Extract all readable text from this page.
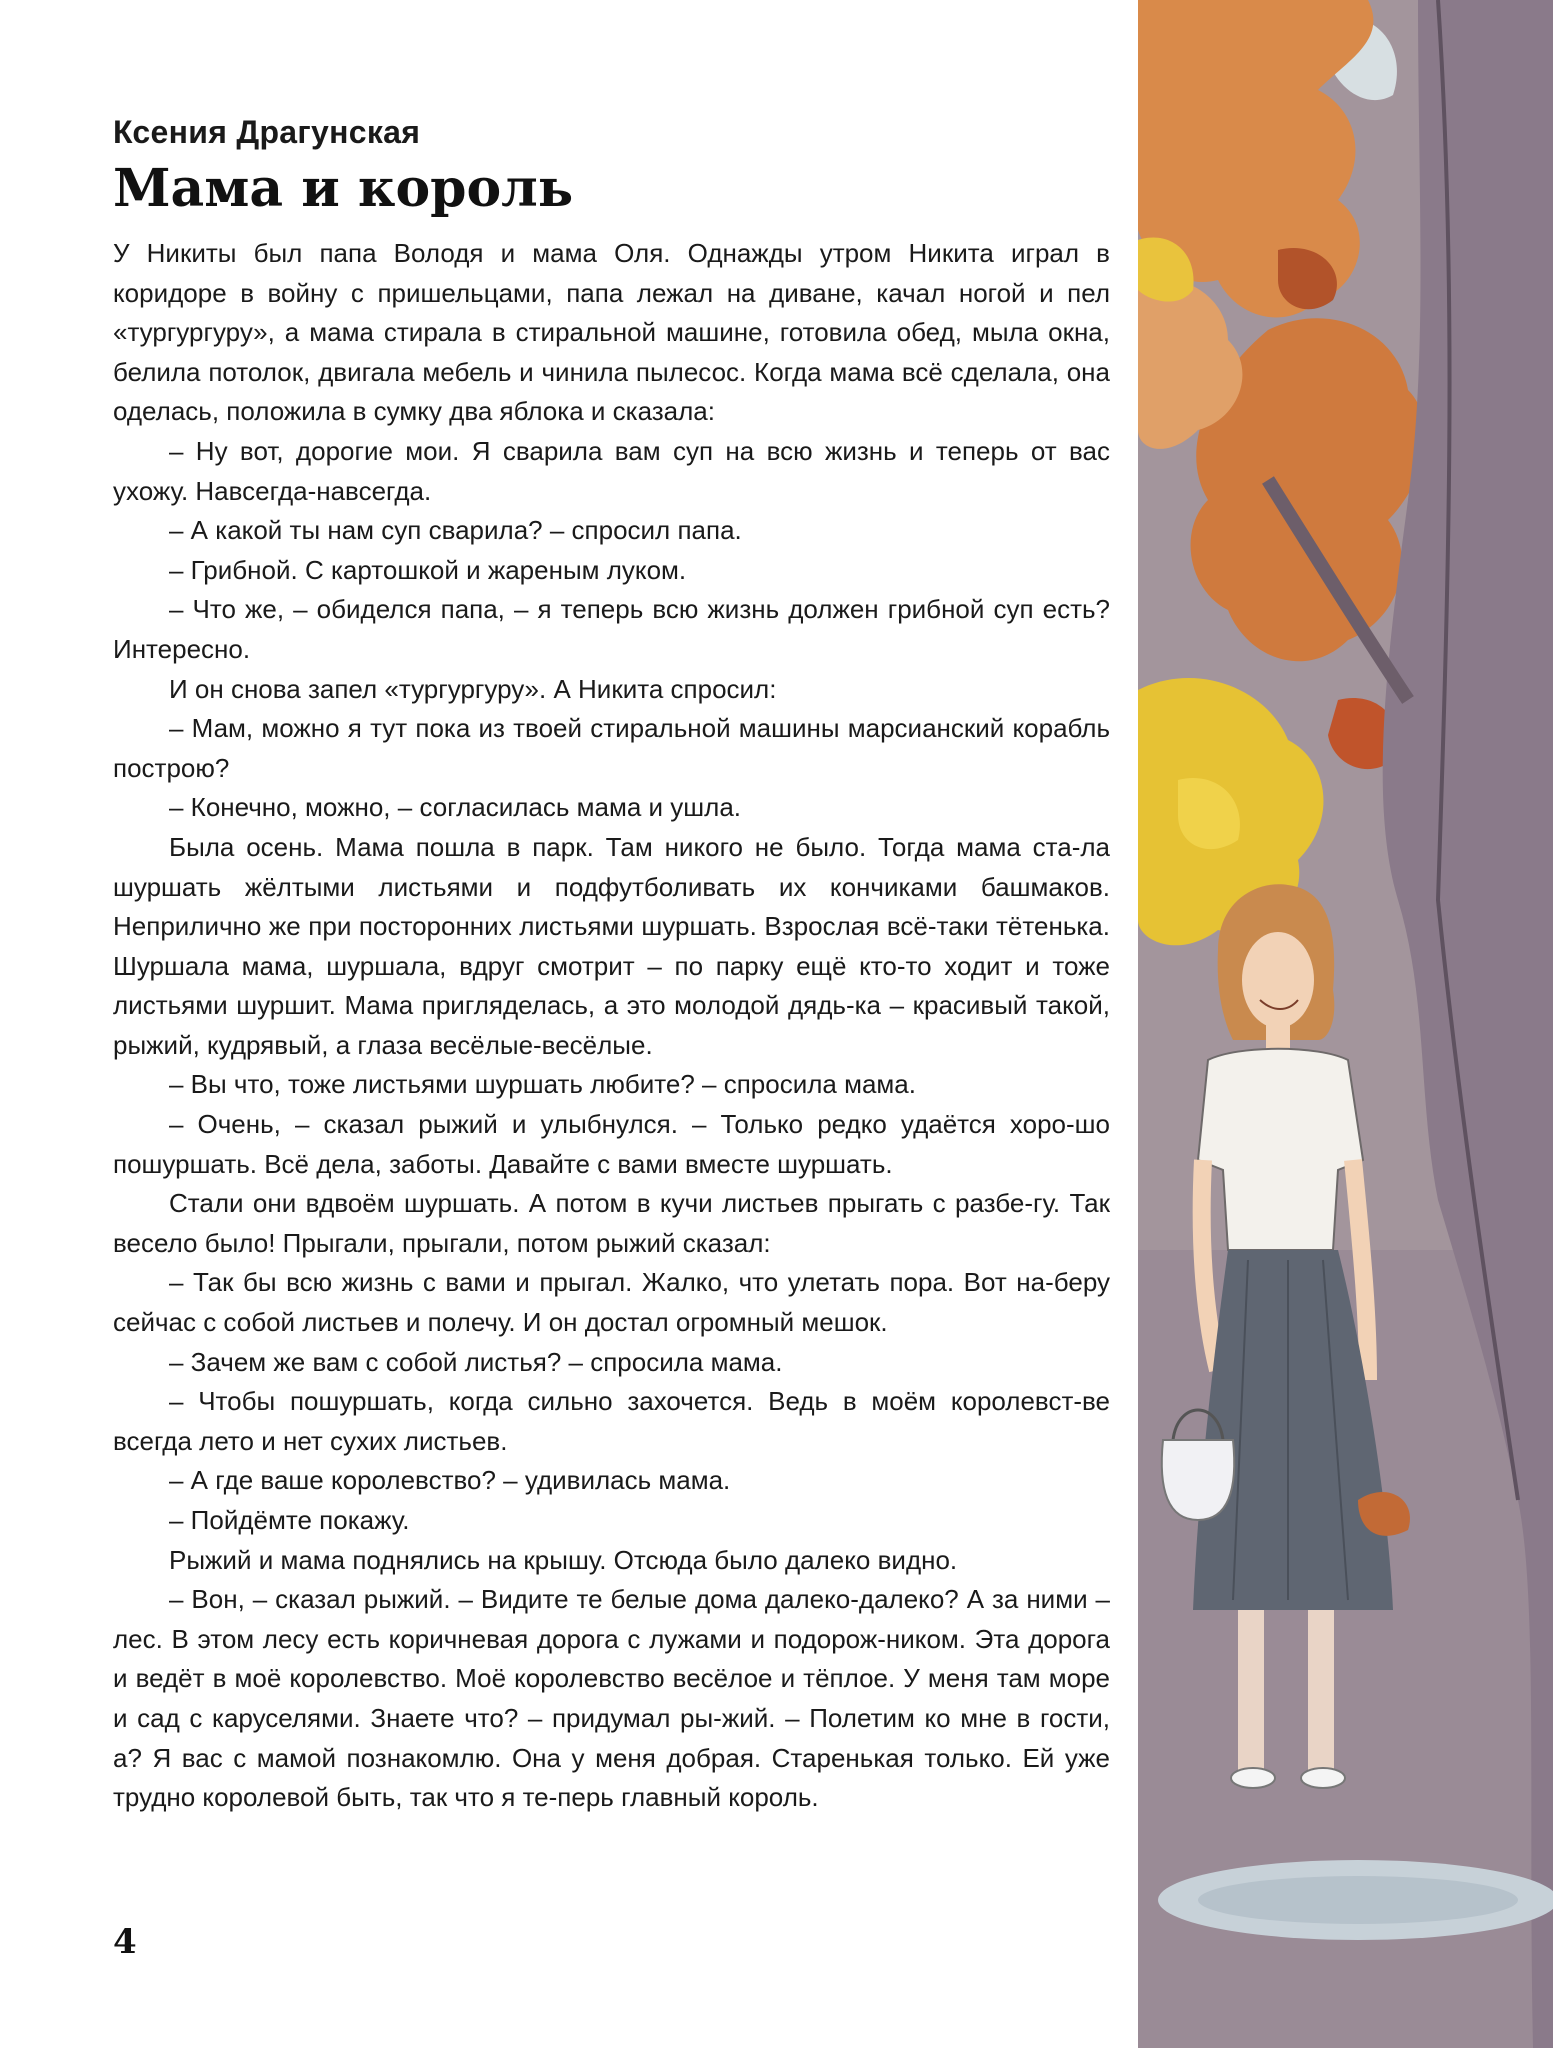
Ксения Драгунская
Мама и король

У Никиты был папа Володя и мама Оля. Однажды утром Никита играл в коридоре в войну с пришельцами, папа лежал на диване, качал ногой и пел «тургургуру», а мама стирала в стиральной машине, готовила обед, мыла окна, белила потолок, двигала мебель и чинила пылесос. Когда мама всё сделала, она оделась, положила в сумку два яблока и сказала:

– Ну вот, дорогие мои. Я сварила вам суп на всю жизнь и теперь от вас ухожу. Навсегда-навсегда.

– А какой ты нам суп сварила? – спросил папа.

– Грибной. С картошкой и жареным луком.

– Что же, – обиделся папа, – я теперь всю жизнь должен грибной суп есть? Интересно.

И он снова запел «тургургуру». А Никита спросил:

– Мам, можно я тут пока из твоей стиральной машины марсианский корабль построю?

– Конечно, можно, – согласилась мама и ушла.

Была осень. Мама пошла в парк. Там никого не было. Тогда мама ста-ла шуршать жёлтыми листьями и подфутболивать их кончиками башмаков. Неприлично же при посторонних листьями шуршать. Взрослая всё-таки тётенька. Шуршала мама, шуршала, вдруг смотрит – по парку ещё кто-то ходит и тоже листьями шуршит. Мама пригляделась, а это молодой дядь-ка – красивый такой, рыжий, кудрявый, а глаза весёлые-весёлые.

– Вы что, тоже листьями шуршать любите? – спросила мама.

– Очень, – сказал рыжий и улыбнулся. – Только редко удаётся хоро-шо пошуршать. Всё дела, заботы. Давайте с вами вместе шуршать.

Стали они вдвоём шуршать. А потом в кучи листьев прыгать с разбе-гу. Так весело было! Прыгали, прыгали, потом рыжий сказал:

– Так бы всю жизнь с вами и прыгал. Жалко, что улетать пора. Вот на-беру сейчас с собой листьев и полечу. И он достал огромный мешок.

– Зачем же вам с собой листья? – спросила мама.

– Чтобы пошуршать, когда сильно захочется. Ведь в моём королевст-ве всегда лето и нет сухих листьев.

– А где ваше королевство? – удивилась мама.

– Пойдёмте покажу.

Рыжий и мама поднялись на крышу. Отсюда было далеко видно.

– Вон, – сказал рыжий. – Видите те белые дома далеко-далеко? А за ними – лес. В этом лесу есть коричневая дорога с лужами и подорож-ником. Эта дорога и ведёт в моё королевство. Моё королевство весёлое и тёплое. У меня там море и сад с каруселями. Знаете что? – придумал ры-жий. – Полетим ко мне в гости, а? Я вас с мамой познакомлю. Она у меня добрая. Старенькая только. Ей уже трудно королевой быть, так что я те-перь главный король.

4
